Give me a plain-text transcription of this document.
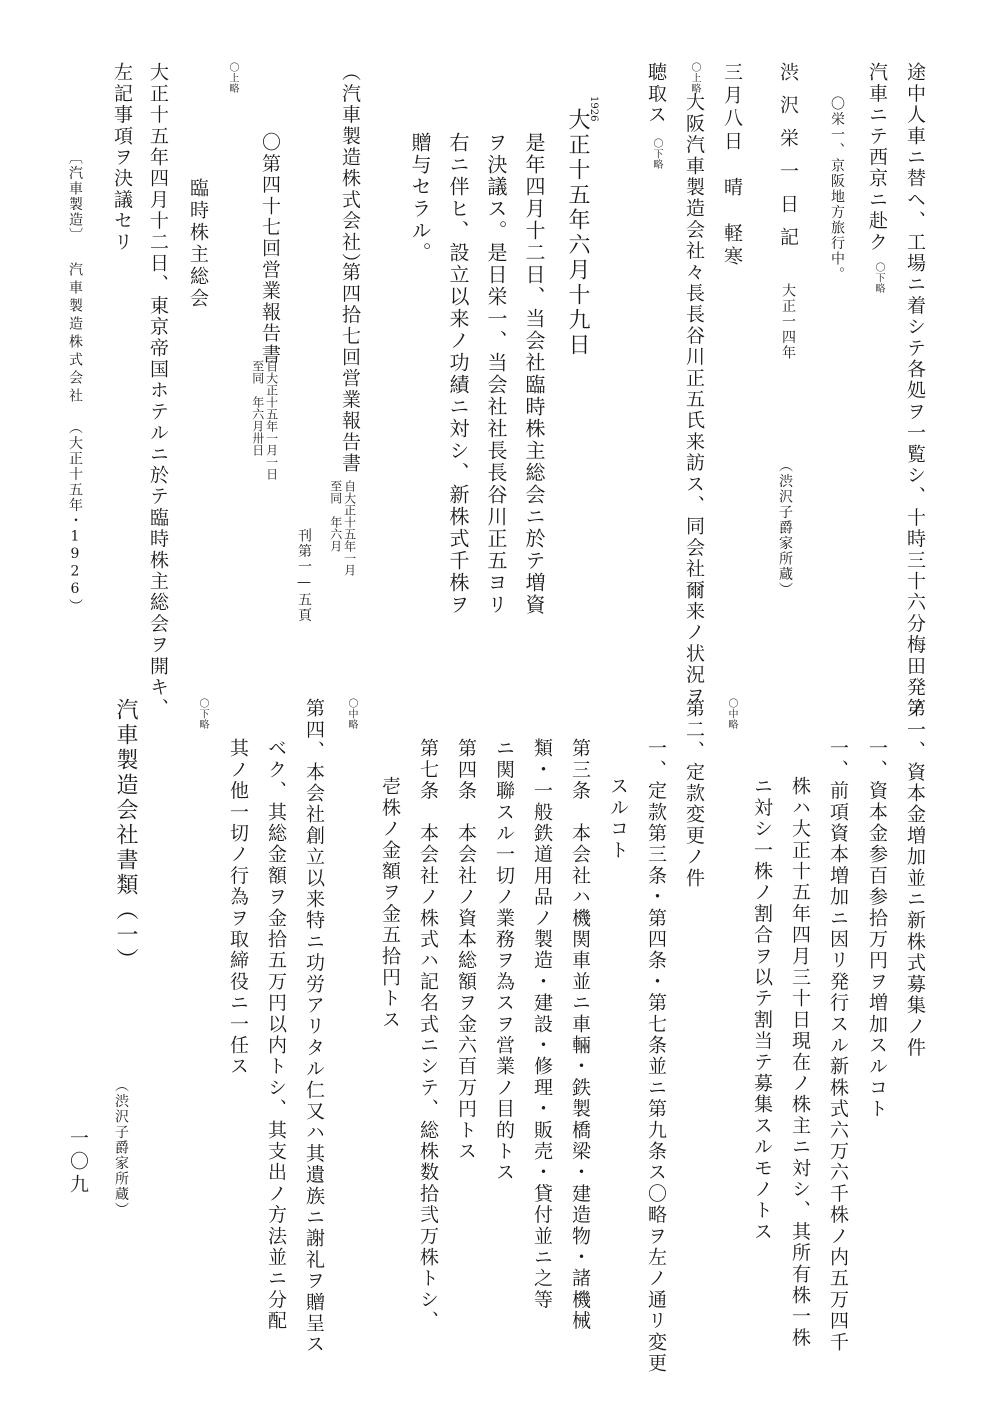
途中人車ニ替ヘ、工場ニ着シテ各処ヲ一覧シ、十時三十六分梅田発ノ
汽車ニテ西京ニ赴ク
〇下略
〇栄一、京阪地方旅行中。
渋沢栄一日記
大正一四年
（渋沢子爵家所蔵）
三月八日　晴　軽寒
〇上略
大阪汽車製造会社々長長谷川正五氏来訪ス、同会社爾来ノ状況ヲ
聴取ス
〇下略
1926
大正十五年六月十九日
是年四月十二日、当会社臨時株主総会ニ於テ増資
ヲ決議ス。是日栄一、当会社社長長谷川正五ヨリ
右ニ伴ヒ、設立以来ノ功績ニ対シ、新株式千株ヲ
贈与セラル。
（汽車製造株式会社）
第四拾七回営業報告書
自大正十五年一月
至同　年六月
刊第一—五頁
〇第四十七回営業報告書
自大正十五年一月一日
至同　年六月卅日
〇上略
臨時株主総会
大正十五年四月十二日、東京帝国ホテルニ於テ臨時株主総会ヲ開キ、
左記事項ヲ決議セリ
〔汽車製造〕
汽車製造株式会社
（大正十五年・1926）
第一、資本金増加並ニ新株式募集ノ件
一、資本金参百参拾万円ヲ増加スルコト
一、前項資本増加ニ因リ発行スル新株式六万六千株ノ内五万四千
株ハ大正十五年四月三十日現在ノ株主ニ対シ、其所有株一株
ニ対シ一株ノ割合ヲ以テ割当テ募集スルモノトス
〇中略
第二、定款変更ノ件
一、定款第三条・第四条・第七条並ニ第九条ス〇略ヲ左ノ通リ変更
スルコト
第三条　本会社ハ機関車並ニ車輛・鉄製橋梁・建造物・諸機械
類・一般鉄道用品ノ製造・建設・修理・販売・貸付並ニ之等
ニ関聯スル一切ノ業務ヲ為スヲ営業ノ目的トス
第四条　本会社ノ資本総額ヲ金六百万円トス
第七条　本会社ノ株式ハ記名式ニシテ、総株数拾弐万株トシ、
壱株ノ金額ヲ金五拾円トス
〇中略
第四、本会社創立以来特ニ功労アリタル仁又ハ其遺族ニ謝礼ヲ贈呈ス
ベク、其総金額ヲ金拾五万円以内トシ、其支出ノ方法並ニ分配
其ノ他一切ノ行為ヲ取締役ニ一任ス
〇下略
汽車製造会社書類（一）
（渋沢子爵家所蔵）
一〇九
